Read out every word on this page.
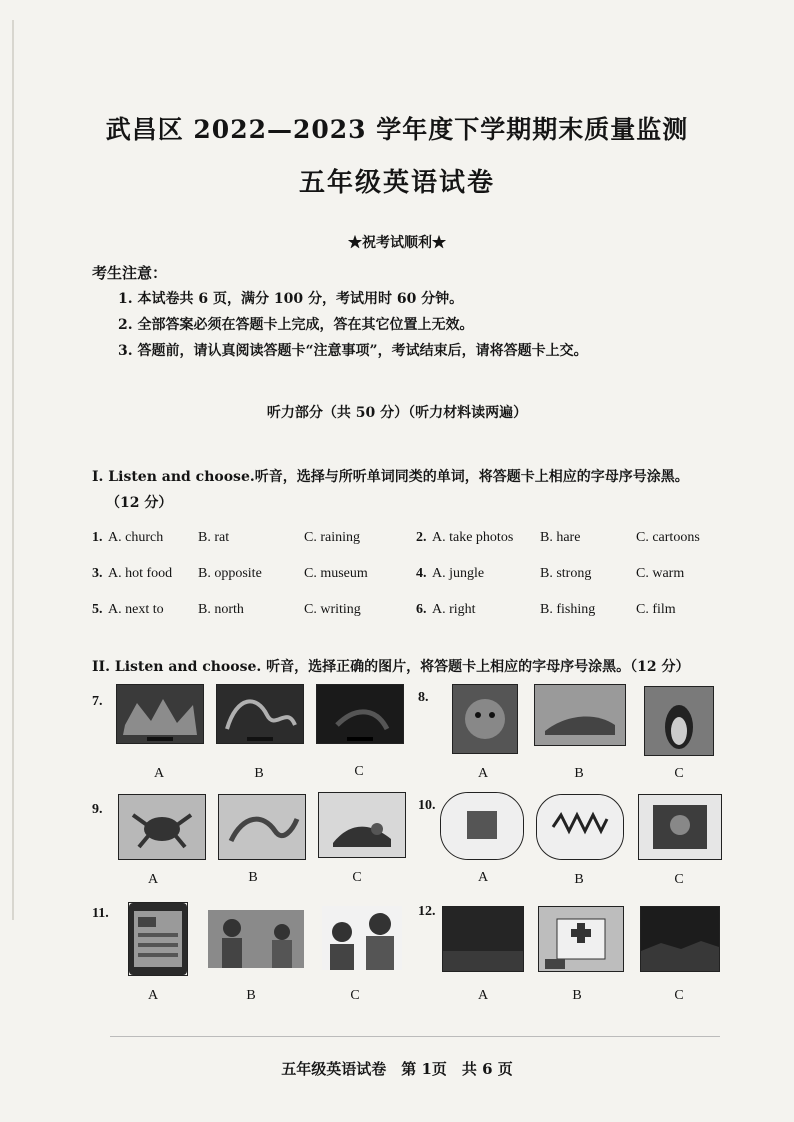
武昌区 2022—2023 学年度下学期期末质量监测
五年级英语试卷
★祝考试顺利★
考生注意：
1. 本试卷共 6 页，满分 100 分，考试用时 60 分钟。
2. 全部答案必须在答题卡上完成，答在其它位置上无效。
3. 答题前，请认真阅读答题卡“注意事项”，考试结束后，请将答题卡上交。
听力部分（共 50 分）（听力材料读两遍）
I. Listen and choose.听音，选择与所听单词同类的单词，将答题卡上相应的字母序号涂黑。
（12 分）
1. A. church B. rat	C. raining	2. A. take photos B. hare	C. cartoons
3. A. hot food B. opposite	C. museum	4. A. jungle	B. strong	C. warm
5. A. next to B. north	C. writing	6. A. right	B. fishing	C. film
II. Listen and choose. 听音，选择正确的图片，将答题卡上相应的字母序号涂黑。（12 分）
7.
A	B	C
8.
A	B	C
9.
A	B	C
10.
A	B	C
11.
A	B	C
12.
A	B	C
五年级英语试卷　第 1页　共 6 页
